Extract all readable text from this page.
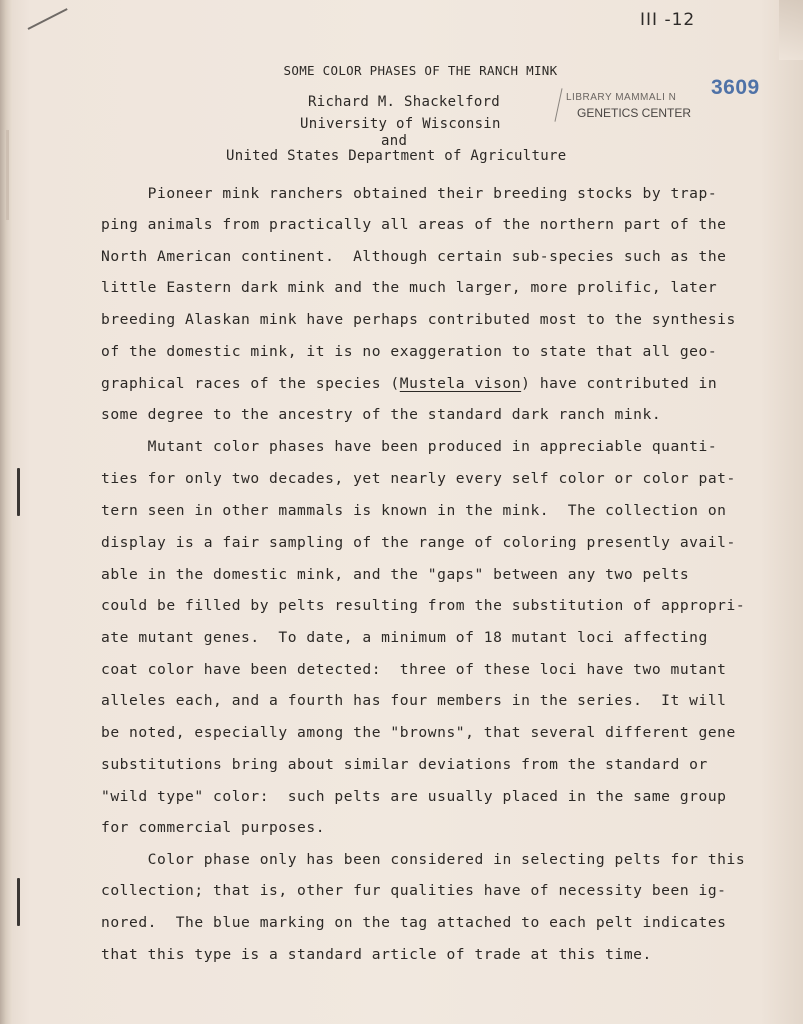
III -12
LIBRARY MAMMALI N
GENETICS CENTER
3609
SOME COLOR PHASES OF THE RANCH MINK
Richard M. Shackelford
University of Wisconsin
and
United States Department of Agriculture
Pioneer mink ranchers obtained their breeding stocks by trap-
ping animals from practically all areas of the northern part of the
North American continent.  Although certain sub-species such as the
little Eastern dark mink and the much larger, more prolific, later
breeding Alaskan mink have perhaps contributed most to the synthesis
of the domestic mink, it is no exaggeration to state that all geo-
graphical races of the species (Mustela vison) have contributed in
some degree to the ancestry of the standard dark ranch mink.
Mutant color phases have been produced in appreciable quanti-
ties for only two decades, yet nearly every self color or color pat-
tern seen in other mammals is known in the mink.  The collection on
display is a fair sampling of the range of coloring presently avail-
able in the domestic mink, and the "gaps" between any two pelts
could be filled by pelts resulting from the substitution of appropri-
ate mutant genes.  To date, a minimum of 18 mutant loci affecting
coat color have been detected:  three of these loci have two mutant
alleles each, and a fourth has four members in the series.  It will
be noted, especially among the "browns", that several different gene
substitutions bring about similar deviations from the standard or
"wild type" color:  such pelts are usually placed in the same group
for commercial purposes.
Color phase only has been considered in selecting pelts for this
collection; that is, other fur qualities have of necessity been ig-
nored.  The blue marking on the tag attached to each pelt indicates
that this type is a standard article of trade at this time.
